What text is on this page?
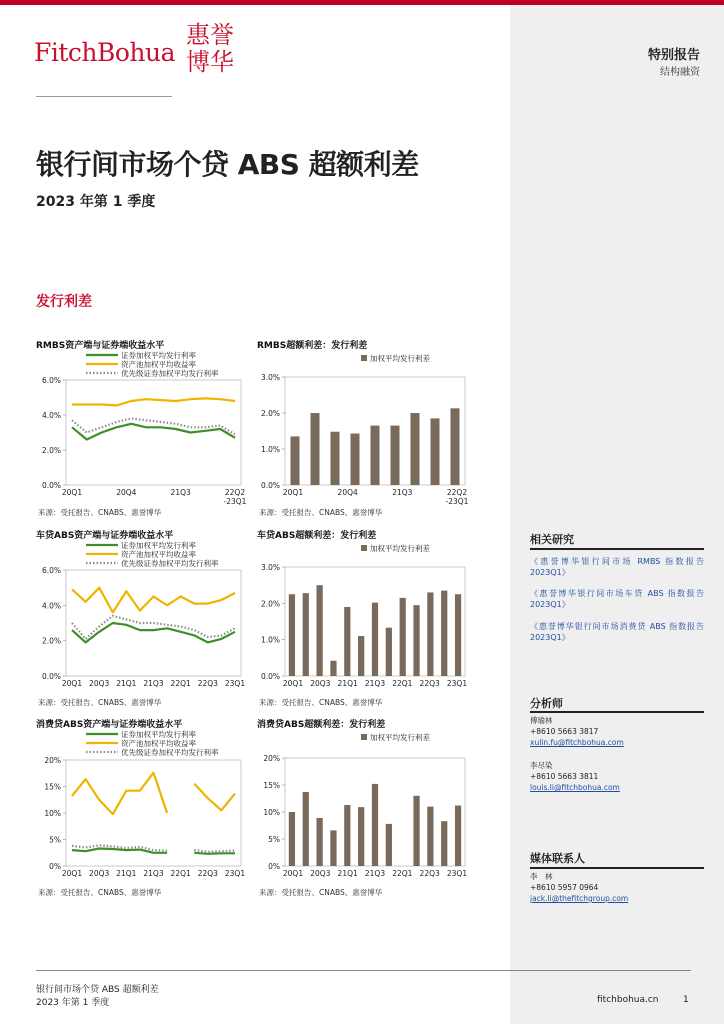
FitchBohua
惠誉博华	特别报告
结构融资
银行间市场个贷 ABS 超额利差
2023 年第 1 季度
发行利差
RMBS资产端与证券端收益水平	RMBS超额利差：发行利差
车贷ABS资产端与证券端收益水平	车贷ABS超额利差：发行利差
消费贷ABS资产端与证券端收益水平	消费贷ABS超额利差：发行利差
0.0%
2.0%
4.0%
6.0%
证券加权平均发行利率
资产池加权平均收益率
优先级证券加权平均发行利率
20Q1	20Q4	21Q3	22Q2
-23Q1
0.0%
1.0%
2.0%
3.0%
加权平均发行利差
20Q1	20Q4	21Q3	22Q2
-23Q1
0.0%
2.0%
4.0%
6.0%
证券加权平均发行利率
资产池加权平均收益率
优先级证券加权平均发行利率
20Q1 20Q3 21Q1 21Q3 22Q1 22Q3 23Q1
0.0%
1.0%
2.0%
3.0%
加权平均发行利差
20Q1 20Q3 21Q1 21Q3 22Q1 22Q3 23Q1
0%
5%
10%
15%
20%
证券加权平均发行利率
资产池加权平均收益率
优先级证券加权平均发行利率
20Q1 20Q3 21Q1 21Q3 22Q1 22Q3 23Q1
0%
5%
10%
15%
20%
加权平均发行利差
20Q1 20Q3 21Q1 21Q3 22Q1 22Q3 23Q1
来源：受托报告、CNABS、惠誉博华	来源：受托报告、CNABS、惠誉博华
来源：受托报告、CNABS、惠誉博华	来源：受托报告、CNABS、惠誉博华
来源：受托报告、CNABS、惠誉博华	来源：受托报告、CNABS、惠誉博华
相关研究
《惠誉博华银行间市场 RMBS 指数报告 2023Q1》
《惠誉博华银行间市场车贷 ABS 指数报告 2023Q1》
《惠誉博华银行间市场消费贷 ABS 指数报告 2023Q1》
分析师
傅瑜林
+8610 5663 3817
xulin.fu@fitchbohua.com
李尽染
+8610 5663 3811
louis.li@fitchbohua.com
媒体联系人
李　林
+8610 5957 0964
jack.li@thefitchgroup.com
银行间市场个贷 ABS 超额利差
2023 年第 1 季度	fitchbohua.cn	1
